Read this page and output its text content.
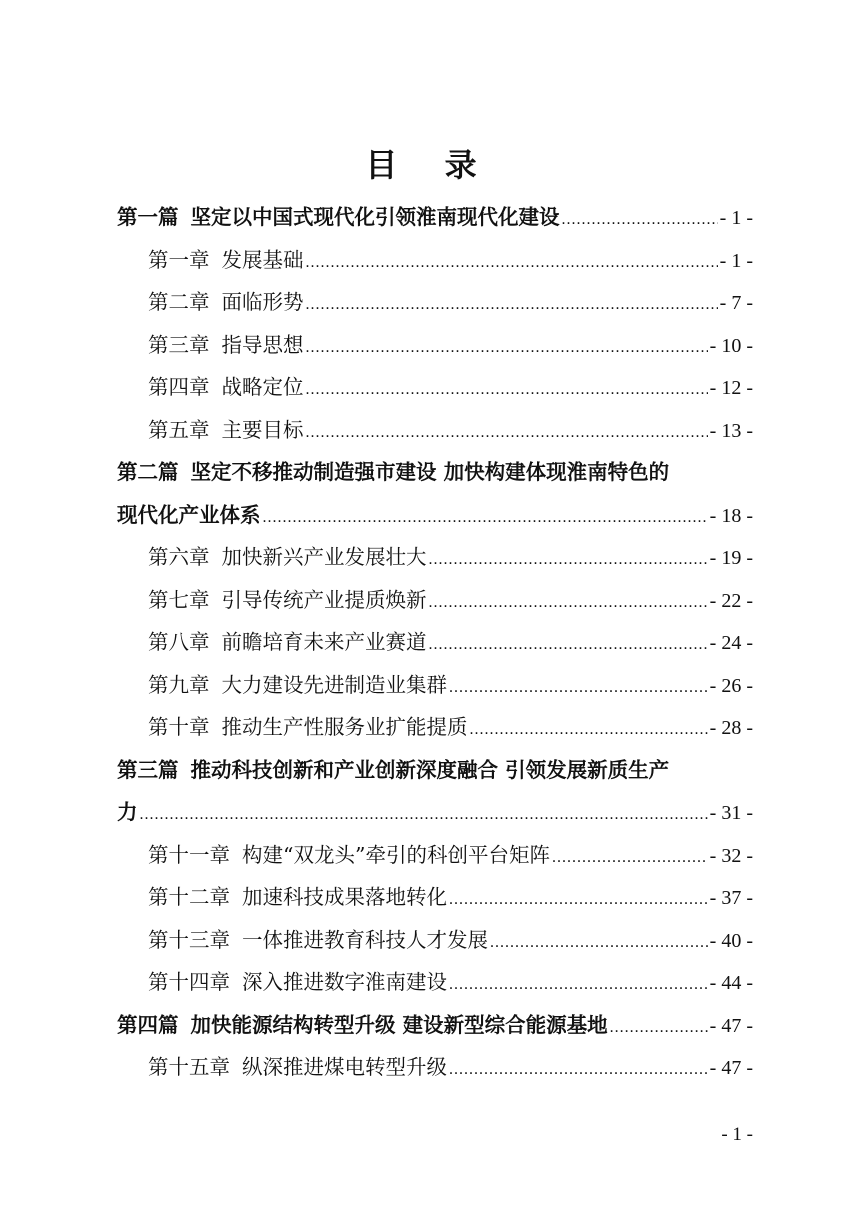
目 录
第一篇 坚定以中国式现代化引领淮南现代化建设 .....	- 1 -
第一章 发展基础 .....	- 1 -
第二章 面临形势 .....	- 7 -
第三章 指导思想 .....	- 10 -
第四章 战略定位 .....	- 12 -
第五章 主要目标 .....	- 13 -
第二篇 坚定不移推动制造强市建设 加快构建体现淮南特色的
现代化产业体系 .....	- 18 -
第六章 加快新兴产业发展壮大 .....	- 19 -
第七章 引导传统产业提质焕新 .....	- 22 -
第八章 前瞻培育未来产业赛道 .....	- 24 -
第九章 大力建设先进制造业集群 .....	- 26 -
第十章 推动生产性服务业扩能提质 .....	- 28 -
第三篇 推动科技创新和产业创新深度融合 引领发展新质生产
力 .....	- 31 -
第十一章 构建“双龙头”牵引的科创平台矩阵 .....	- 32 -
第十二章 加速科技成果落地转化 .....	- 37 -
第十三章 一体推进教育科技人才发展 .....	- 40 -
第十四章 深入推进数字淮南建设 .....	- 44 -
第四篇 加快能源结构转型升级 建设新型综合能源基地 .....	- 47 -
第十五章 纵深推进煤电转型升级 .....	- 47 -
- 1 -
